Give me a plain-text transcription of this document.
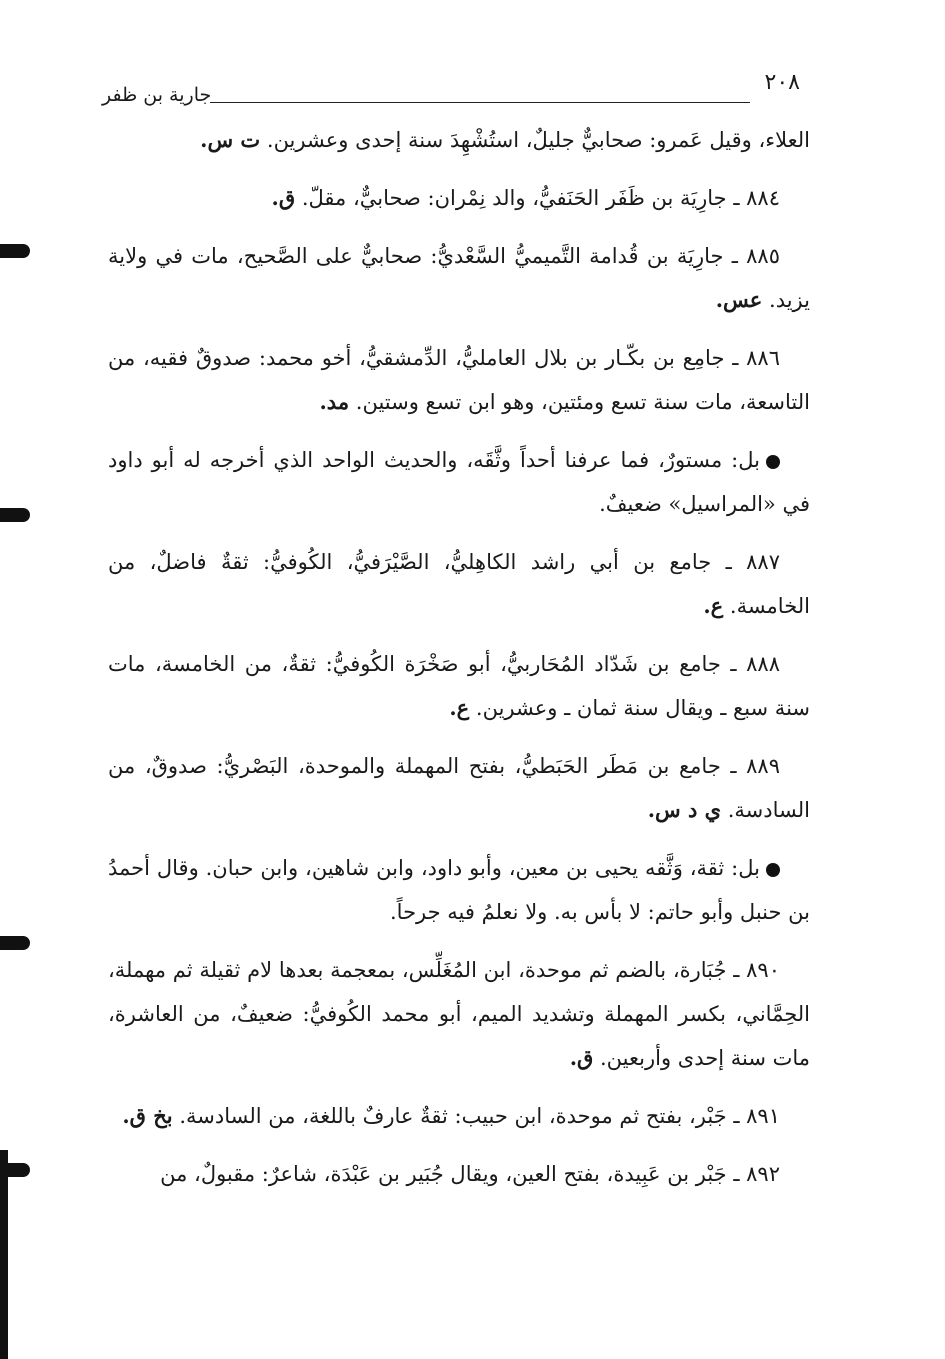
٢٠٨
جارية بن ظفر

العلاء، وقيل عَمرو: صحابيٌّ جليلٌ، استُشْهِدَ سنة إحدى وعشرين. ت س.

٨٨٤ ـ جارِيَة بن ظَفَر الحَنَفيُّ، والد نِمْران: صحابيٌّ، مقلّ. ق.

٨٨٥ ـ جارِيَة بن قُدامة التَّميميُّ السَّعْديُّ: صحابيٌّ على الصَّحيح، مات في ولاية يزيد. عس.

٨٨٦ ـ جامِع بن بكّـار بن بلال العامليُّ، الدِّمشقيُّ، أخو محمد: صدوقٌ فقيه، من التاسعة، مات سنة تسع ومئتين، وهو ابن تسع وستين. مد.

بل: مستورٌ، فما عرفنا أحداً وثَّقَه، والحديث الواحد الذي أخرجه له أبو داود في «المراسيل» ضعيفٌ.

٨٨٧ ـ جامع بن أبي راشد الكاهِليُّ، الصَّيْرَفيُّ، الكُوفيُّ: ثقةٌ فاضلٌ، من الخامسة. ع.

٨٨٨ ـ جامع بن شَدّاد المُحَاربيُّ، أبو صَخْرَة الكُوفيُّ: ثقةٌ، من الخامسة، مات سنة سبع ـ ويقال سنة ثمان ـ وعشرين. ع.

٨٨٩ ـ جامع بن مَطَر الحَبَطيُّ، بفتح المهملة والموحدة، البَصْريُّ: صدوقٌ، من السادسة. ي د س.

بل: ثقة، وَثَّقه يحيى بن معين، وأبو داود، وابن شاهين، وابن حبان. وقال أحمدُ بن حنبل وأبو حاتم: لا بأس به. ولا نعلمُ فيه جرحاً.

٨٩٠ ـ جُبَارة، بالضم ثم موحدة، ابن المُغَلِّس، بمعجمة بعدها لام ثقيلة ثم مهملة، الحِمَّاني، بكسر المهملة وتشديد الميم، أبو محمد الكُوفيُّ: ضعيفٌ، من العاشرة، مات سنة إحدى وأربعين. ق.

٨٩١ ـ جَبْر، بفتح ثم موحدة، ابن حبيب: ثقةٌ عارفٌ باللغة، من السادسة. بخ ق.

٨٩٢ ـ جَبْر بن عَبِيدة، بفتح العين، ويقال جُبَير بن عَبْدَة، شاعرٌ: مقبولٌ، من
